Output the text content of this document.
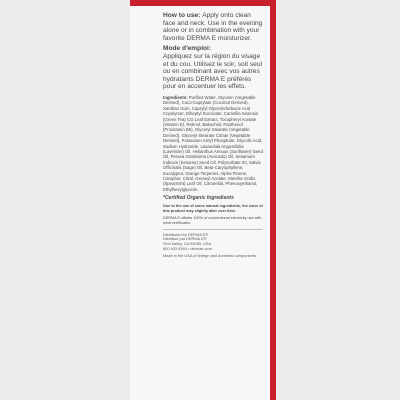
How to use: Apply onto clean face and neck. Use in the evening alone or in combination with your favorite DERMA E moisturizer.
Mode d'emploi:
Appliquez sur la région du visage et du cou. Utilisez le soir, soit seul ou en combinant avec vos autres hydratants DERMA E préférés pour en accentuer les effets.
Ingredients: Purified Water, Glycerin (Vegetable Derived), Coco-Caprylate (Coconut Derived), Xanthan Gum, Caprylyl Glycerin/Sebacic Acid Copolymer, Diheptyl Succinate, Camellia Sinensis (Green Tea) CO Leaf Extract, Tocopheryl Acetate (Vitamin E), Retinol, Bakuchiol, Panthenol (Provitamin B5), Glyceryl Stearate (Vegetable Derived), Glyceryl Stearate Citrate (Vegetable Derived), Potassium Cetyl Phosphate, Glycolic Acid, Sodium Hydroxide, Lavandula Angustifolia (Lavender) Oil, Helianthus Annuus (Sunflower) Seed Oil, Persea Gratissima (Avocado) Oil, Sesamum Indicum (Sesame) Seed Oil, Polysorbate 20, Salvia Officinalis (Sage) Oil, Beta-Caryophyllene, Eucalyptol, Orange Terpenes, Alpha Pinene, Camphor, Citral, Geranyl Acetate, Mentha Viridis (Spearmint) Leaf Oil, Citronellal, Phenoxyethanol, Ethylhexylglycerin.
*Certified Organic Ingredients
Due to the use of some natural ingredients, the color of this product may slightly alter over time.
DERMA E offsets 100% of conventional electricity use with wind certificates.
Distributed by DERMA E®
Distribué par DERMA E®
Simi Valley, CA 93065, USA
800.933.9344 • dermae.com
Made in the USA of foreign and domestic components.
